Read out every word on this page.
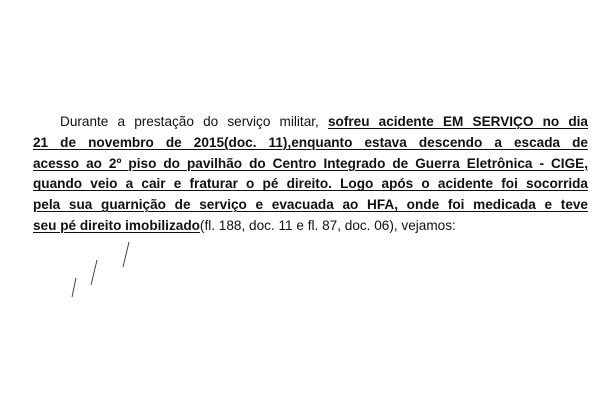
Durante a prestação do serviço militar, sofreu acidente EM SERVIÇO no dia
21 de novembro de 2015(doc. 11),enquanto estava descendo a escada de
acesso ao 2º piso do pavilhão do Centro Integrado de Guerra Eletrônica - CIGE,
quando veio a cair e fraturar o pé direito. Logo após o acidente foi socorrida
pela sua guarnição de serviço e evacuada ao HFA, onde foi medicada e teve
seu pé direito imobilizado(fl. 188, doc. 11 e fl. 87, doc. 06), vejamos:
